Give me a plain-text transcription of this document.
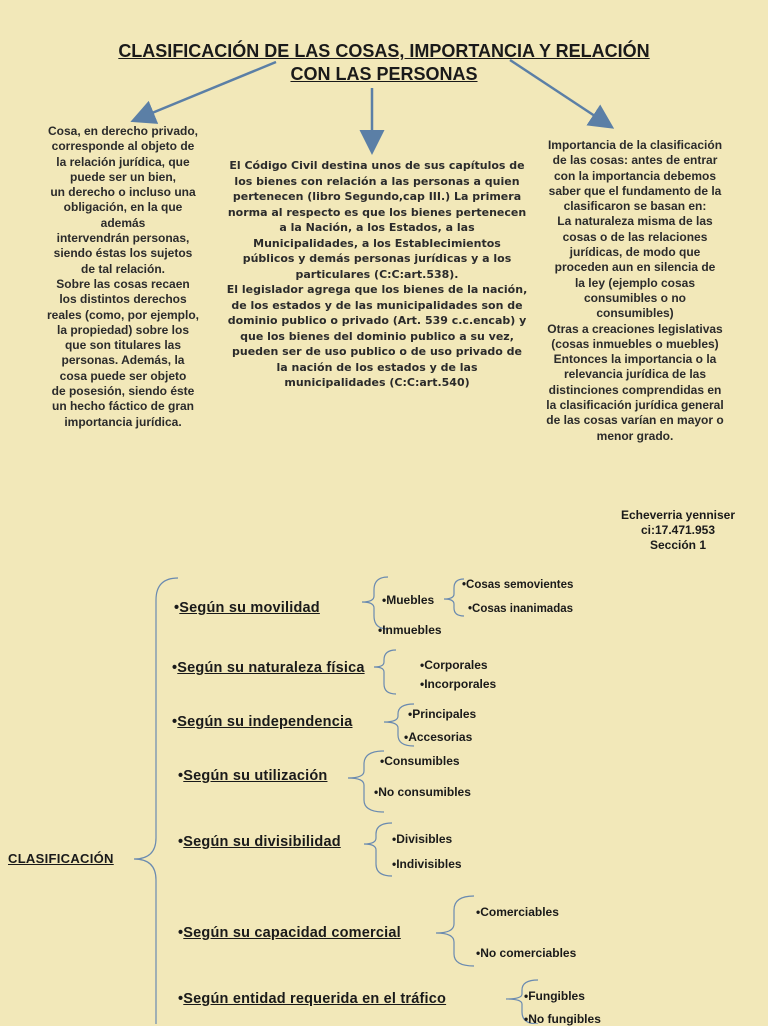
CLASIFICACIÓN DE LAS COSAS, IMPORTANCIA Y RELACIÓN
CON LAS PERSONAS
Cosa, en derecho privado,
corresponde al objeto de
la relación jurídica, que
puede ser un bien,
un derecho o incluso una
obligación, en la que
además
intervendrán personas,
siendo éstas los sujetos
de tal relación.
Sobre las cosas recaen
los distintos derechos
reales (como, por ejemplo,
la propiedad) sobre los
que son titulares las
personas. Además, la
cosa puede ser objeto
de posesión, siendo éste
un hecho fáctico de gran
importancia jurídica.
El Código Civil destina unos de sus capítulos de
los bienes con relación a las personas a quien
pertenecen (libro Segundo,cap III.) La primera
norma al respecto es que los bienes pertenecen
a la Nación, a los Estados, a las
Municipalidades, a los Establecimientos
públicos y demás personas jurídicas y a los
particulares (C:C:art.538).
El legislador agrega que los bienes de la nación,
de los estados y de las municipalidades son de
dominio publico o privado (Art. 539 c.c.encab) y
que los bienes del dominio publico a su vez,
pueden ser de uso publico o de uso privado de
la nación de los estados y de las
municipalidades (C:C:art.540)
Importancia de la clasificación
de las cosas: antes de entrar
con la importancia debemos
saber que el fundamento de la
clasificaron se basan en:
La naturaleza misma de las
cosas o de las relaciones
jurídicas, de modo que
proceden aun en silencia de
la ley (ejemplo cosas
consumibles o no
consumibles)
Otras a creaciones legislativas
(cosas inmuebles o muebles)
Entonces la importancia o la
relevancia jurídica de las
distinciones comprendidas en
la clasificación jurídica general
de las cosas varían en mayor o
menor grado.
Echeverria yenniser
ci:17.471.953
Sección 1
CLASIFICACIÓN
•Según su movilidad
•Según su naturaleza física
•Según su independencia
•Según su utilización
•Según su divisibilidad
•Según su capacidad comercial
•Según entidad requerida en el tráfico
•Muebles
•Inmuebles
•Cosas semovientes
•Cosas inanimadas
•Corporales
•Incorporales
•Principales
•Accesorias
•Consumibles
•No consumibles
•Divisibles
•Indivisibles
•Comerciables
•No comerciables
•Fungibles
•No fungibles
